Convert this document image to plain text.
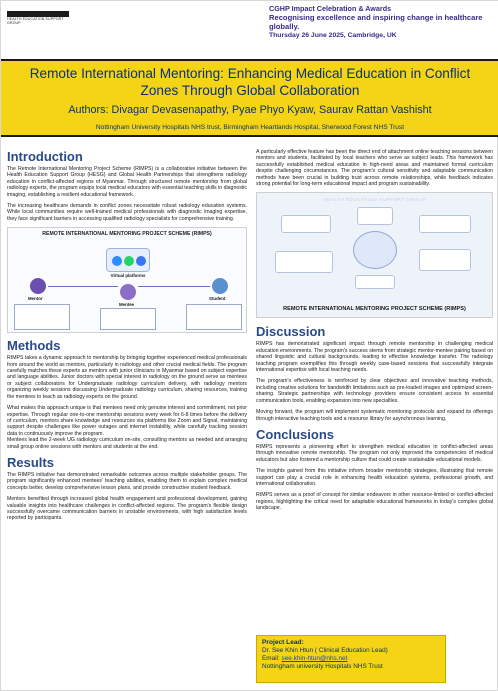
HEALTH EDUCATION SUPPORT GROUP
CGHP Impact Celebration & Awards
Recognising excellence and inspiring change in healthcare globally.
Thursday 26 June 2025, Cambridge, UK
Remote International Mentoring: Enhancing Medical Education in Conflict Zones Through Global Collaboration
Authors: Divagar Devasenapathy, Pyae Phyo Kyaw, Saurav Rattan Vashisht
Nottingham University Hospitals NHS trust, Birmingham Heartlands Hospital, Sherwood Forest NHS Trust
Introduction

The Remote International Mentoring Project Scheme (RIMPS) is a collaborative initiative between the Health Education Support Group (HESG) and Global Health Partnerships that strengthens radiology education in conflict-affected regions of Myanmar. Through structured remote mentorship from global radiology experts, the program equips local medical educators with essential teaching skills in diagnostic imaging, establishing a resilient educational framework.

The increasing healthcare demands in conflict zones necessitate robust radiology education systems. While local communities require well-trained medical professionals with diagnostic imaging expertise, they face significant barriers in accessing qualified radiology specialists for comprehensive training.

REMOTE INTERNATIONAL MENTORING PROJECT SCHEME (RIMPS)
Virtual platforms
Mentor
Mentee
Student
Methods

RIMPS takes a dynamic approach to mentorship by bringing together experienced medical professionals from around the world as mentors, particularly in radiology and other crucial medical fields. The program carefully matches these experts as mentors with junior clinicians in Myanmar based on subject expertise and language abilities. Junior doctors with special interest in radiology on the ground serve as mentees or subject collaborators for Undergraduate radiology curriculum delivery, with radiology mentors organizing weekly sessions discussing Undergraduate radiology curriculum, sharing resources, training the mentees to teach as radiology experts on the ground.

What makes this approach unique is that mentees need only genuine interest and commitment, not prior expertise. Through regular one-to-one mentorship sessions every week for 6-8 times before the delivery of curriculum, mentors share knowledge and resources via platforms like Zoom and Signal, maintaining support despite challenges like power outages and internet instability, while carefully tracking session data to continuously improve the program.

Mentees lead the 2-week UG radiology curriculum on-site, consulting mentors as needed and arranging small group online sessions with mentors and students at the end.

Results

The RIMPS initiative has demonstrated remarkable outcomes across multiple stakeholder groups. The program significantly enhanced mentees' teaching abilities, enabling them to explain complex medical concepts better, develop comprehensive lesson plans, and provide constructive student feedback.

Mentors benefited through increased global health engagement and professional development, gaining valuable insights into healthcare challenges in conflict-affected regions. The program's flexible design successfully overcame communication barriers in unstable environments, with high satisfaction levels reported by participants.

A particularly effective feature has been the direct end of attachment online teaching sessions between mentors and students, facilitated by local teachers who serve as subject leads. This framework has successfully established medical education in high-need areas and maintained formal curriculum despite challenging circumstances. The program's cultural sensitivity and adaptable communication methods have been crucial in building trust across remote relationships, while feedback indicates strong potential for long-term educational impact and program sustainability.

HEALTH EDUCATION SUPPORT GROUP
REMOTE INTERNATIONAL MENTORING PROJECT SCHEME (RIMPS)
Discussion

RIMPS has demonstrated significant impact through remote mentorship in challenging medical education environments. The program's success stems from strategic mentor-mentee pairing based on shared linguistic and cultural backgrounds, leading to effective knowledge transfer. The radiology teaching program exemplifies this through weekly case-based sessions that successfully integrate international expertise with local teaching needs.

The program's effectiveness is reinforced by clear objectives and innovative teaching methods, including creative solutions for bandwidth limitations such as pre-loaded images and optimized screen-sharing. Strategic partnerships with technology providers ensure consistent access to essential communication tools, enabling expansion into new specialties.

Moving forward, the program will implement systematic monitoring protocols and expand its offerings through interactive teaching tools and a resource library for asynchronous learning.

Conclusions

RIMPS represents a pioneering effort to strengthen medical education in conflict-affected areas through innovative remote mentorship. The program not only improved the competencies of medical educators but also fostered a mentorship culture that could create sustainable educational models.

The insights gained from this initiative inform broader mentorship strategies, illustrating that remote support can play a crucial role in enhancing health education systems, professional growth, and international collaboration.

RIMPS serves as a proof of concept for similar endeavors in other resource-limited or conflict-affected regions, highlighting the critical need for adaptable educational frameworks in today's complex global landscape.

Project Lead:
Dr. See Khin Htun ( Clinical Education Lead)
Email: see.khin-htun@nhs.net
Nottingham university Hospitals NHS Trust
